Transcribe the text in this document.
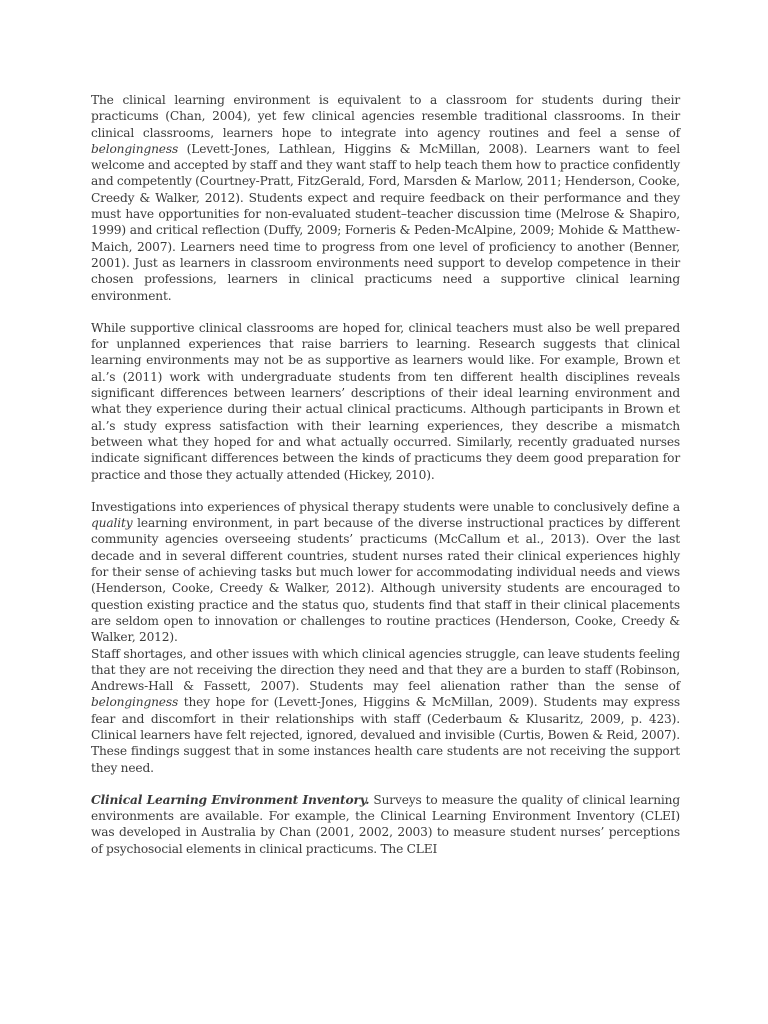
The clinical learning environment is equivalent to a classroom for students during their practicums (Chan, 2004), yet few clinical agencies resemble traditional classrooms. In their clinical classrooms, learners hope to integrate into agency routines and feel a sense of belongingness (Levett-Jones, Lathlean, Higgins & McMillan, 2008). Learners want to feel welcome and accepted by staff and they want staff to help teach them how to practice confidently and competently (Courtney-Pratt, FitzGerald, Ford, Marsden & Marlow, 2011; Henderson, Cooke, Creedy & Walker, 2012). Students expect and require feedback on their performance and they must have opportunities for non-evaluated student–teacher discussion time (Melrose & Shapiro, 1999) and critical reflection (Duffy, 2009; Forneris & Peden-McAlpine, 2009; Mohide & Matthew-Maich, 2007). Learners need time to progress from one level of proficiency to another (Benner, 2001). Just as learners in classroom environments need support to develop competence in their chosen professions, learners in clinical practicums need a supportive clinical learning environment.

While supportive clinical classrooms are hoped for, clinical teachers must also be well prepared for unplanned experiences that raise barriers to learning. Research suggests that clinical learning environments may not be as supportive as learners would like. For example, Brown et al.’s (2011) work with undergraduate students from ten different health disciplines reveals significant differences between learners’ descriptions of their ideal learning environment and what they experience during their actual clinical practicums. Although participants in Brown et al.’s study express satisfaction with their learning experiences, they describe a mismatch between what they hoped for and what actually occurred. Similarly, recently graduated nurses indicate significant differences between the kinds of practicums they deem good preparation for practice and those they actually attended (Hickey, 2010).

Investigations into experiences of physical therapy students were unable to conclusively define a quality learning environment, in part because of the diverse instructional practices by different community agencies overseeing students’ practicums (McCallum et al., 2013). Over the last decade and in several different countries, student nurses rated their clinical experiences highly for their sense of achieving tasks but much lower for accommodating individual needs and views (Henderson, Cooke, Creedy & Walker, 2012). Although university students are encouraged to question existing practice and the status quo, students find that staff in their clinical placements are seldom open to innovation or challenges to routine practices (Henderson, Cooke, Creedy & Walker, 2012).

Staff shortages, and other issues with which clinical agencies struggle, can leave students feeling that they are not receiving the direction they need and that they are a burden to staff (Robinson, Andrews-Hall & Fassett, 2007). Students may feel alienation rather than the sense of belongingness they hope for (Levett-Jones, Higgins & McMillan, 2009). Students may express fear and discomfort in their relationships with staff (Cederbaum & Klusaritz, 2009, p. 423). Clinical learners have felt rejected, ignored, devalued and invisible (Curtis, Bowen & Reid, 2007). These findings suggest that in some instances health care students are not receiving the support they need.

Clinical Learning Environment Inventory. Surveys to measure the quality of clinical learning environments are available. For example, the Clinical Learning Environment Inventory (CLEI) was developed in Australia by Chan (2001, 2002, 2003) to measure student nurses’ perceptions of psychosocial elements in clinical practicums. The CLEI
